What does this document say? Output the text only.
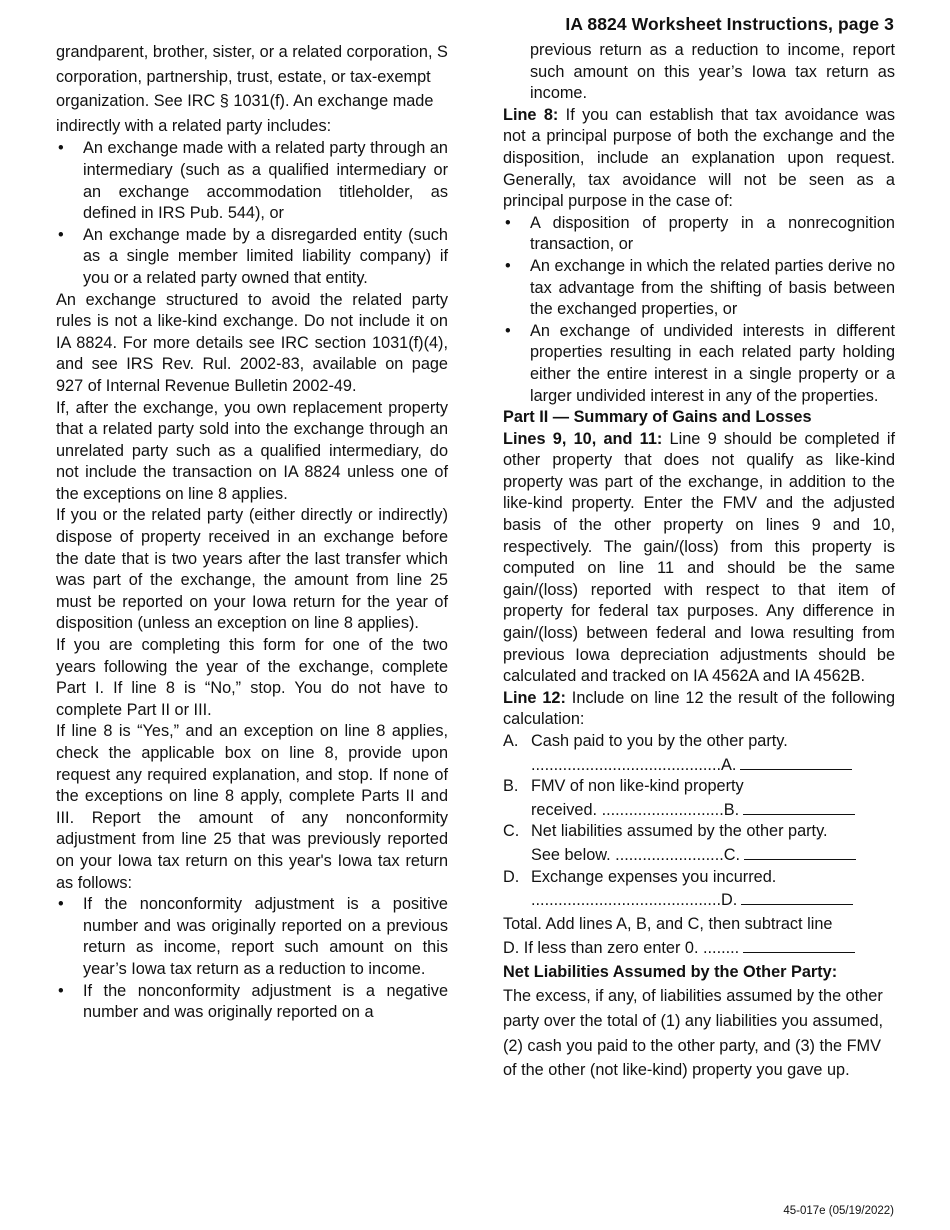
IA 8824 Worksheet Instructions, page 3

grandparent, brother, sister, or a related corporation, S corporation, partnership, trust, estate, or tax-exempt organization. See IRC § 1031(f). An exchange made indirectly with a related party includes:

• An exchange made with a related party through an intermediary (such as a qualified intermediary or an exchange accommodation titleholder, as defined in IRS Pub. 544), or
• An exchange made by a disregarded entity (such as a single member limited liability company) if you or a related party owned that entity.

An exchange structured to avoid the related party rules is not a like-kind exchange. Do not include it on IA 8824. For more details see IRC section 1031(f)(4), and see IRS Rev. Rul. 2002-83, available on page 927 of Internal Revenue Bulletin 2002-49.

If, after the exchange, you own replacement property that a related party sold into the exchange through an unrelated party such as a qualified intermediary, do not include the transaction on IA 8824 unless one of the exceptions on line 8 applies.

If you or the related party (either directly or indirectly) dispose of property received in an exchange before the date that is two years after the last transfer which was part of the exchange, the amount from line 25 must be reported on your Iowa return for the year of disposition (unless an exception on line 8 applies).

If you are completing this form for one of the two years following the year of the exchange, complete Part I. If line 8 is “No,” stop. You do not have to complete Part II or III.

If line 8 is “Yes,” and an exception on line 8 applies, check the applicable box on line 8, provide upon request any required explanation, and stop. If none of the exceptions on line 8 apply, complete Parts II and III. Report the amount of any nonconformity adjustment from line 25 that was previously reported on your Iowa tax return on this year's Iowa tax return as follows:

• If the nonconformity adjustment is a positive number and was originally reported on a previous return as income, report such amount on this year’s Iowa tax return as a reduction to income.
• If the nonconformity adjustment is a negative number and was originally reported on a

previous return as a reduction to income, report such amount on this year’s Iowa tax return as income.

Line 8: If you can establish that tax avoidance was not a principal purpose of both the exchange and the disposition, include an explanation upon request. Generally, tax avoidance will not be seen as a principal purpose in the case of:

• A disposition of property in a nonrecognition transaction, or
• An exchange in which the related parties derive no tax advantage from the shifting of basis between the exchanged properties, or
• An exchange of undivided interests in different properties resulting in each related party holding either the entire interest in a single property or a larger undivided interest in any of the properties.

Part II — Summary of Gains and Losses

Lines 9, 10, and 11: Line 9 should be completed if other property that does not qualify as like-kind property was part of the exchange, in addition to the like-kind property. Enter the FMV and the adjusted basis of the other property on lines 9 and 10, respectively. The gain/(loss) from this property is computed on line 11 and should be the same gain/(loss) reported with respect to that item of property for federal tax purposes. Any difference in gain/(loss) between federal and Iowa resulting from previous Iowa depreciation adjustments should be calculated and tracked on IA 4562A and IA 4562B.

Line 12: Include on line 12 the result of the following calculation:

A. Cash paid to you by the other party.
.......................................... A.
B. FMV of non like-kind property
received. ........................... B.
C. Net liabilities assumed by the other party.
See below. ........................ C.
D. Exchange expenses you incurred.
.......................................... D.
Total. Add lines A, B, and C, then subtract line
D. If less than zero enter 0. ........

Net Liabilities Assumed by the Other Party:

The excess, if any, of liabilities assumed by the other party over the total of (1) any liabilities you assumed, (2) cash you paid to the other party, and (3) the FMV of the other (not like-kind) property you gave up.

45-017e (05/19/2022)
